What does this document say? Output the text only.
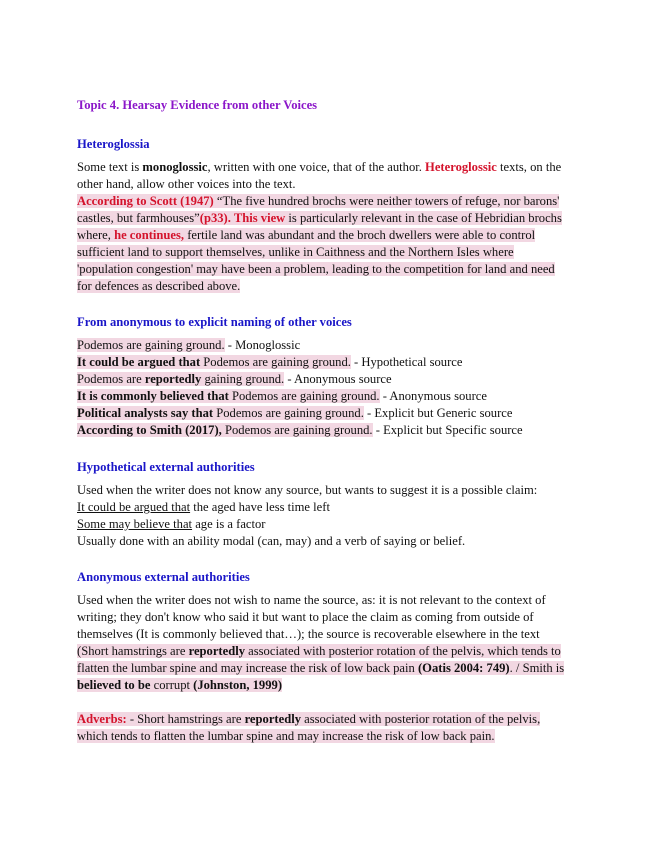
Topic 4. Hearsay Evidence from other Voices
Heteroglossia
Some text is monoglossic, written with one voice, that of the author. Heteroglossic texts, on the
other hand, allow other voices into the text.
According to Scott (1947) “The five hundred brochs were neither towers of refuge, nor barons'
castles, but farmhouses”(p33). This view is particularly relevant in the case of Hebridian brochs
where, he continues, fertile land was abundant and the broch dwellers were able to control
sufficient land to support themselves, unlike in Caithness and the Northern Isles where
'population congestion' may have been a problem, leading to the competition for land and need
for defences as described above.
From anonymous to explicit naming of other voices
Podemos are gaining ground. - Monoglossic
It could be argued that Podemos are gaining ground. - Hypothetical source
Podemos are reportedly gaining ground. - Anonymous source
It is commonly believed that Podemos are gaining ground. - Anonymous source
Political analysts say that Podemos are gaining ground. - Explicit but Generic source
According to Smith (2017), Podemos are gaining ground. - Explicit but Specific source
Hypothetical external authorities
Used when the writer does not know any source, but wants to suggest it is a possible claim:
It could be argued that the aged have less time left
Some may believe that age is a factor
Usually done with an ability modal (can, may) and a verb of saying or belief.
Anonymous external authorities
Used when the writer does not wish to name the source, as: it is not relevant to the context of
writing; they don't know who said it but want to place the claim as coming from outside of
themselves (It is commonly believed that…); the source is recoverable elsewhere in the text
(Short hamstrings are reportedly associated with posterior rotation of the pelvis, which tends to
flatten the lumbar spine and may increase the risk of low back pain (Oatis 2004: 749). / Smith is
believed to be corrupt (Johnston, 1999)
Adverbs: - Short hamstrings are reportedly associated with posterior rotation of the pelvis,
which tends to flatten the lumbar spine and may increase the risk of low back pain.
